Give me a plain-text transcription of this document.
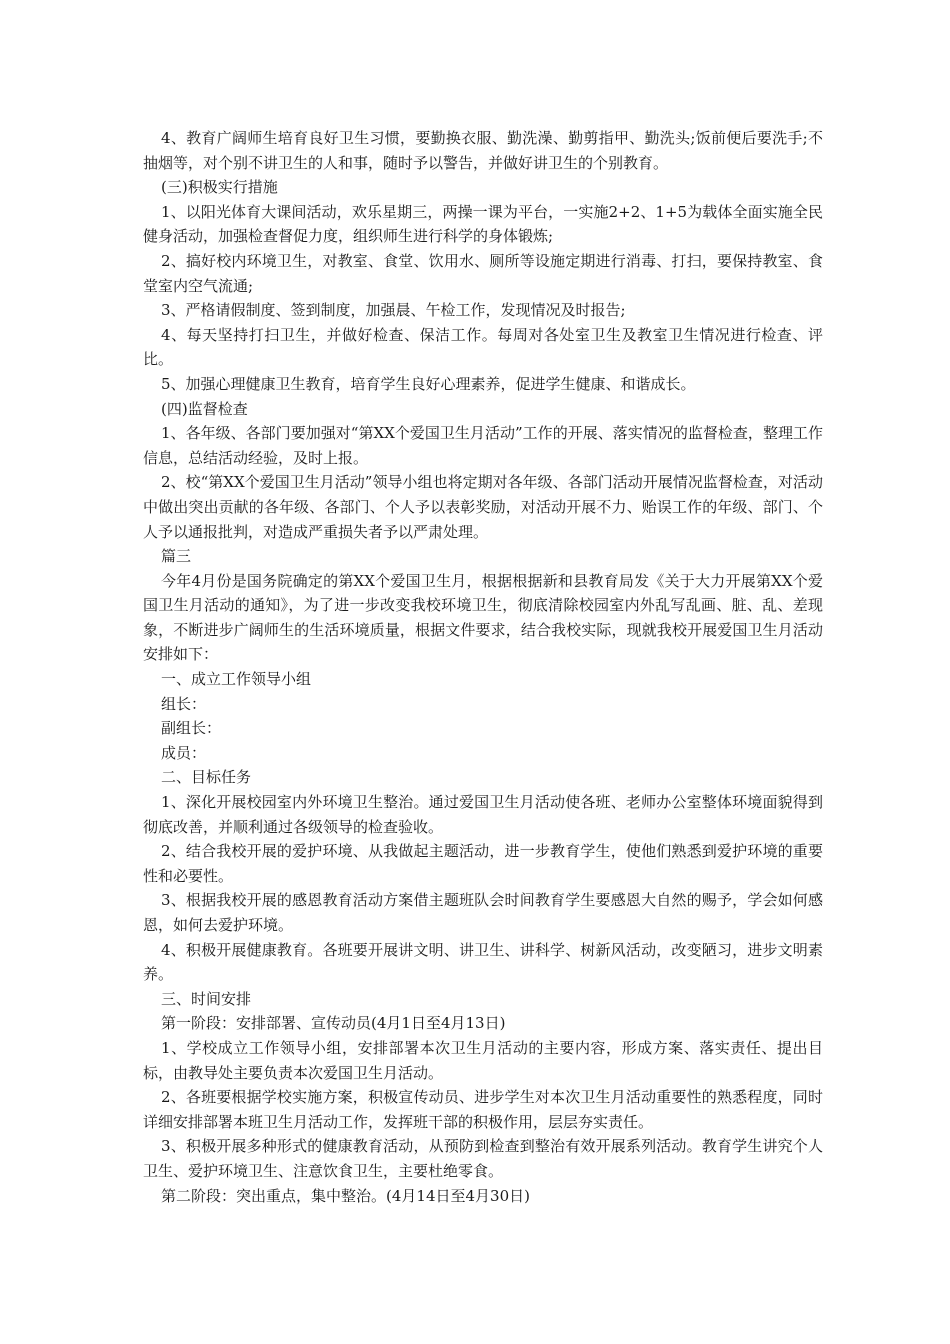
4、教育广阔师生培育良好卫生习惯，要勤换衣服、勤洗澡、勤剪指甲、勤洗头;饭前便后要洗手;不抽烟等，对个别不讲卫生的人和事，随时予以警告，并做好讲卫生的个别教育。

(三)积极实行措施

1、以阳光体育大课间活动，欢乐星期三，两操一课为平台，一实施2+2、1+5为载体全面实施全民健身活动，加强检查督促力度，组织师生进行科学的身体锻炼;

2、搞好校内环境卫生，对教室、食堂、饮用水、厕所等设施定期进行消毒、打扫，要保持教室、食堂室内空气流通;

3、严格请假制度、签到制度，加强晨、午检工作，发现情况及时报告;

4、每天坚持打扫卫生，并做好检查、保洁工作。每周对各处室卫生及教室卫生情况进行检查、评比。

5、加强心理健康卫生教育，培育学生良好心理素养，促进学生健康、和谐成长。

(四)监督检查

1、各年级、各部门要加强对“第XX个爱国卫生月活动”工作的开展、落实情况的监督检查，整理工作信息，总结活动经验，及时上报。

2、校“第XX个爱国卫生月活动”领导小组也将定期对各年级、各部门活动开展情况监督检查，对活动中做出突出贡献的各年级、各部门、个人予以表彰奖励，对活动开展不力、贻误工作的年级、部门、个人予以通报批判，对造成严重损失者予以严肃处理。

篇三

今年4月份是国务院确定的第XX个爱国卫生月，根据根据新和县教育局发《关于大力开展第XX个爱国卫生月活动的通知》，为了进一步改变我校环境卫生，彻底清除校园室内外乱写乱画、脏、乱、差现象，不断进步广阔师生的生活环境质量，根据文件要求，结合我校实际，现就我校开展爱国卫生月活动安排如下：

一、成立工作领导小组

组长：

副组长：

成员：

二、目标任务

1、深化开展校园室内外环境卫生整治。通过爱国卫生月活动使各班、老师办公室整体环境面貌得到彻底改善，并顺利通过各级领导的检查验收。

2、结合我校开展的爱护环境、从我做起主题活动，进一步教育学生，使他们熟悉到爱护环境的重要性和必要性。

3、根据我校开展的感恩教育活动方案借主题班队会时间教育学生要感恩大自然的赐予，学会如何感恩，如何去爱护环境。

4、积极开展健康教育。各班要开展讲文明、讲卫生、讲科学、树新风活动，改变陋习，进步文明素养。

三、时间安排

第一阶段：安排部署、宣传动员(4月1日至4月13日)

1、学校成立工作领导小组，安排部署本次卫生月活动的主要内容，形成方案、落实责任、提出目标，由教导处主要负责本次爱国卫生月活动。

2、各班要根据学校实施方案，积极宣传动员、进步学生对本次卫生月活动重要性的熟悉程度，同时详细安排部署本班卫生月活动工作，发挥班干部的积极作用，层层夯实责任。

3、积极开展多种形式的健康教育活动，从预防到检查到整治有效开展系列活动。教育学生讲究个人卫生、爱护环境卫生、注意饮食卫生，主要杜绝零食。

第二阶段：突出重点，集中整治。(4月14日至4月30日)
